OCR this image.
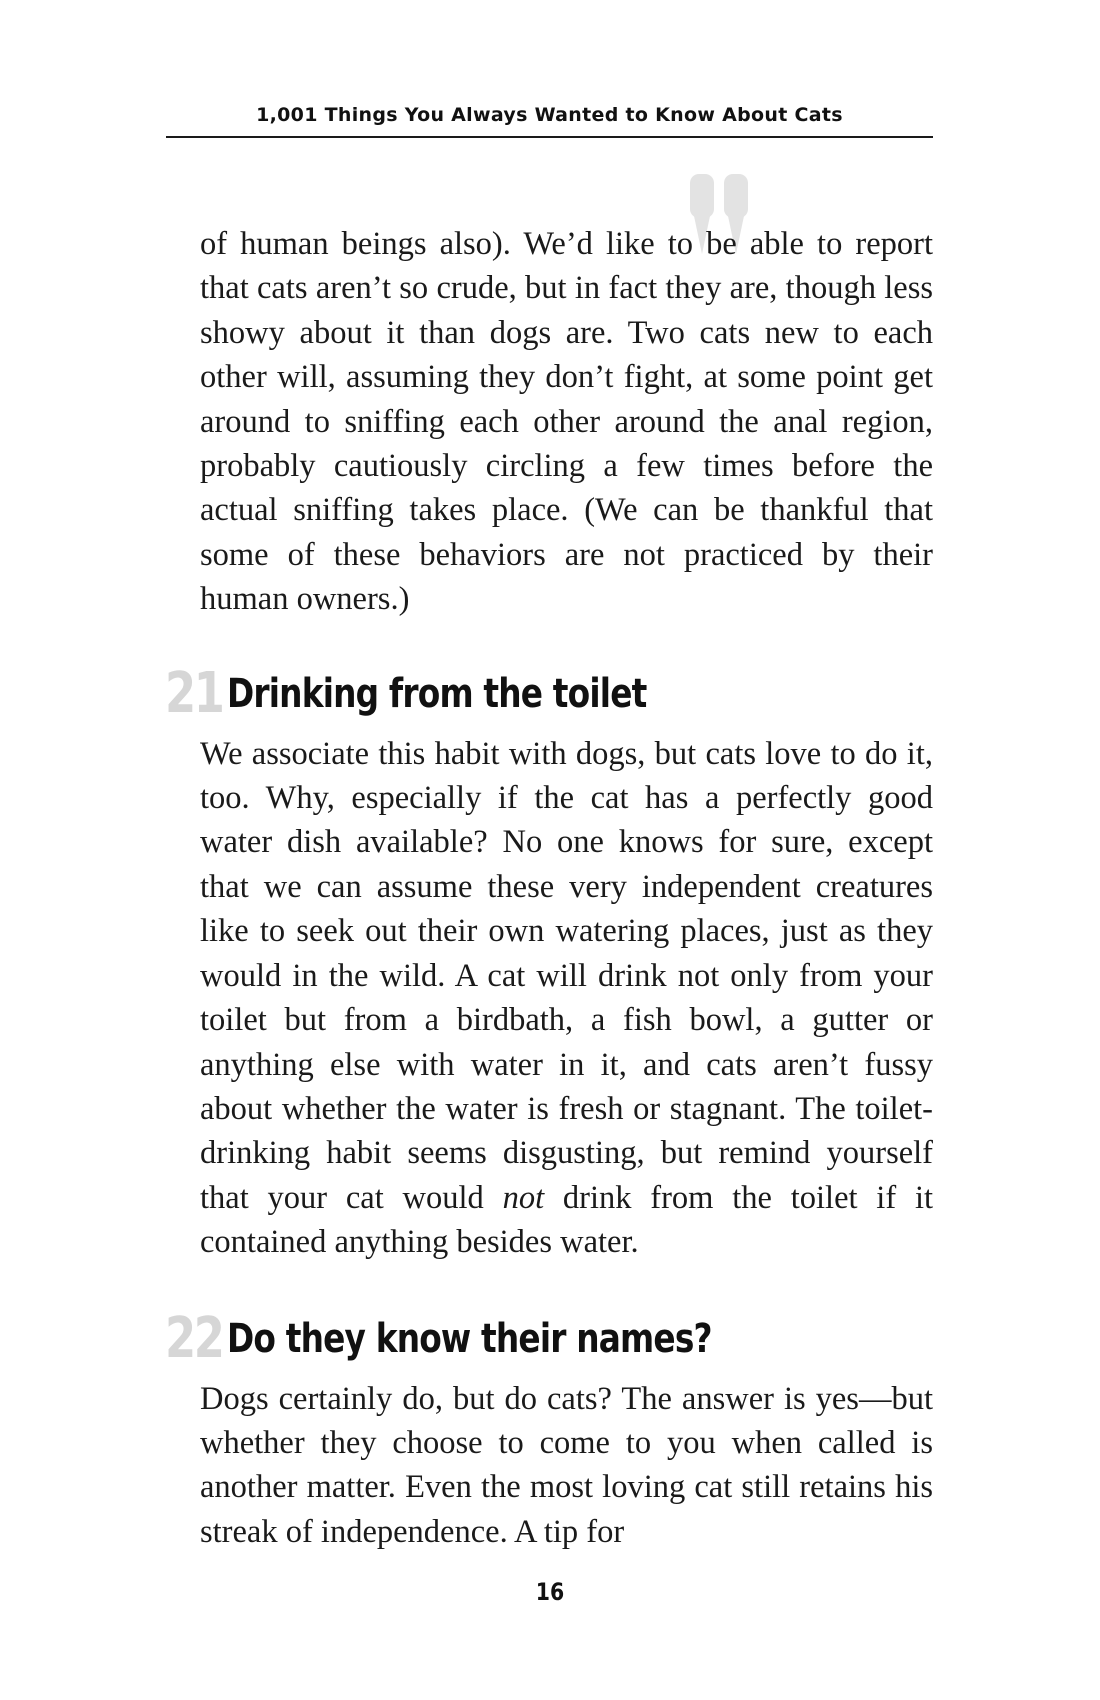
1,001 Things You Always Wanted to Know About Cats

of human beings also). We’d like to be able to report that cats aren’t so crude, but in fact they are, though less showy about it than dogs are. Two cats new to each other will, assuming they don’t fight, at some point get around to sniffing each other around the anal region, probably cautiously circling a few times before the actual sniffing takes place. (We can be thankful that some of these behaviors are not practiced by their human owners.)

21 Drinking from the toilet

We associate this habit with dogs, but cats love to do it, too. Why, especially if the cat has a perfectly good water dish available? No one knows for sure, except that we can assume these very independent creatures like to seek out their own watering places, just as they would in the wild. A cat will drink not only from your toilet but from a birdbath, a fish bowl, a gutter or anything else with water in it, and cats aren’t fussy about whether the water is fresh or stagnant. The toilet-drinking habit seems disgusting, but remind yourself that your cat would not drink from the toilet if it contained anything besides water.

22 Do they know their names?

Dogs certainly do, but do cats? The answer is yes—but whether they choose to come to you when called is another matter. Even the most loving cat still retains his streak of independence. A tip for

16
